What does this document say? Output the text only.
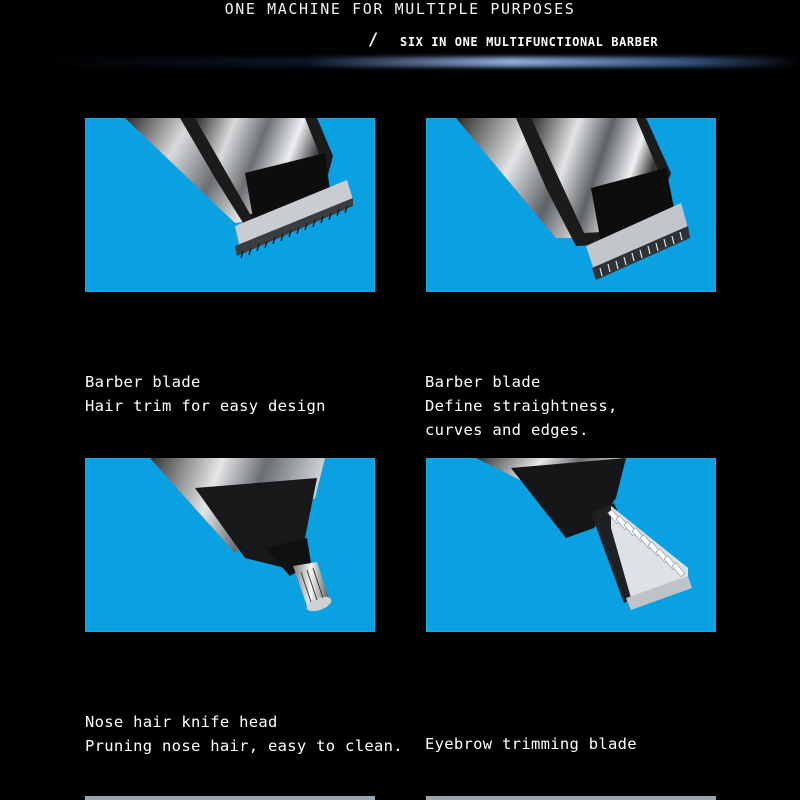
ONE MACHINE FOR MULTIPLE PURPOSES
/ SIX IN ONE MULTIFUNCTIONAL BARBER
Barber blade
Hair trim for easy design
Barber blade
Define straightness,
curves and edges.
Nose hair knife head
Pruning nose hair, easy to clean. Eyebrow trimming blade
